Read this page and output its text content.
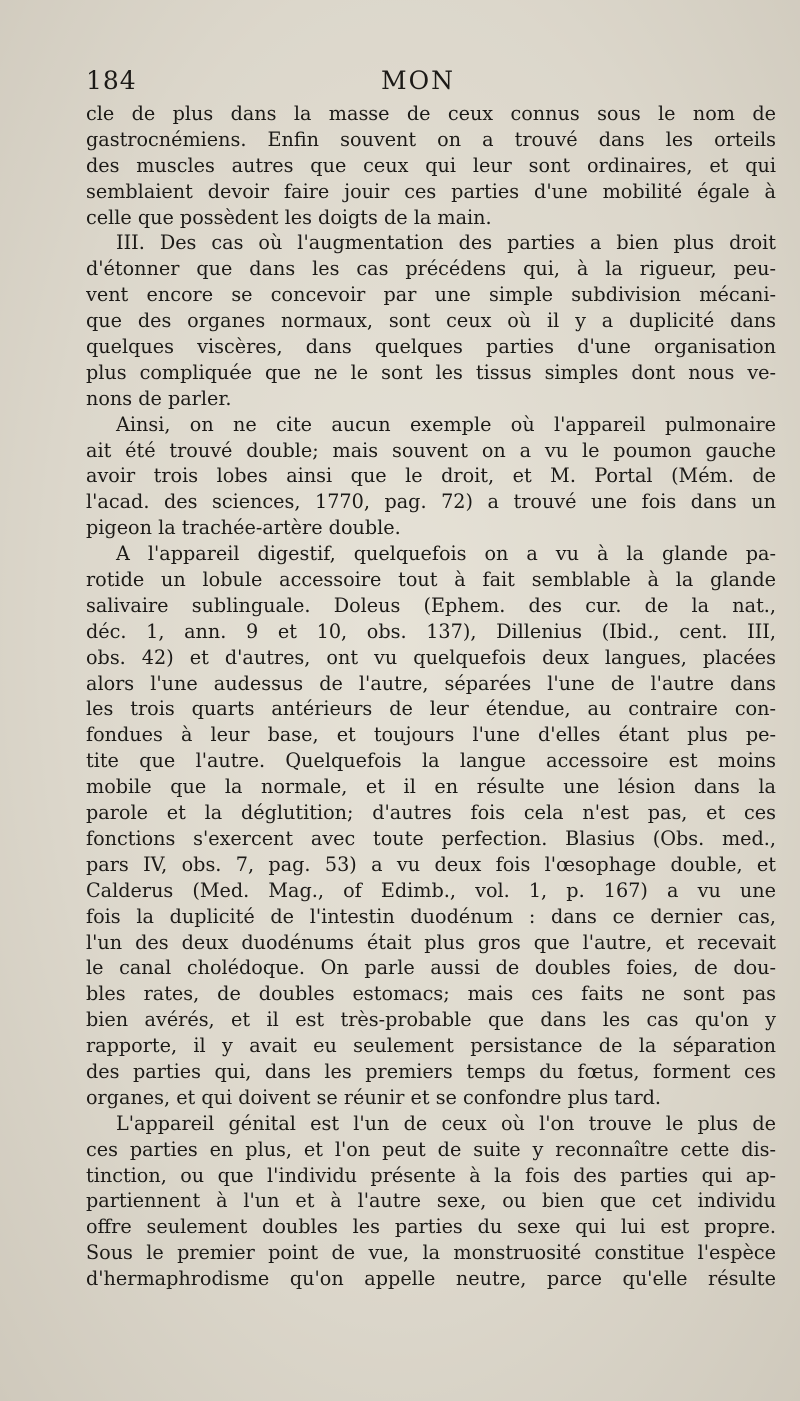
184	MON
cle de plus dans la masse de ceux connus sous le nom de
gastrocnémiens. Enfin souvent on a trouvé dans les orteils
des muscles autres que ceux qui leur sont ordinaires, et qui
semblaient devoir faire jouir ces parties d'une mobilité égale à
celle que possèdent les doigts de la main.
III. Des cas où l'augmentation des parties a bien plus droit
d'étonner que dans les cas précédens qui, à la rigueur, peu-
vent encore se concevoir par une simple subdivision mécani-
que des organes normaux, sont ceux où il y a duplicité dans
quelques viscères, dans quelques parties d'une organisation
plus compliquée que ne le sont les tissus simples dont nous ve-
nons de parler.
Ainsi, on ne cite aucun exemple où l'appareil pulmonaire
ait été trouvé double; mais souvent on a vu le poumon gauche
avoir trois lobes ainsi que le droit, et M. Portal (Mém. de
l'acad. des sciences, 1770, pag. 72) a trouvé une fois dans un
pigeon la trachée-artère double.
A l'appareil digestif, quelquefois on a vu à la glande pa-
rotide un lobule accessoire tout à fait semblable à la glande
salivaire sublinguale. Doleus (Ephem. des cur. de la nat.,
déc. 1, ann. 9 et 10, obs. 137), Dillenius (Ibid., cent. III,
obs. 42) et d'autres, ont vu quelquefois deux langues, placées
alors l'une audessus de l'autre, séparées l'une de l'autre dans
les trois quarts antérieurs de leur étendue, au contraire con-
fondues à leur base, et toujours l'une d'elles étant plus pe-
tite que l'autre. Quelquefois la langue accessoire est moins
mobile que la normale, et il en résulte une lésion dans la
parole et la déglutition; d'autres fois cela n'est pas, et ces
fonctions s'exercent avec toute perfection. Blasius (Obs. med.,
pars IV, obs. 7, pag. 53) a vu deux fois l'œsophage double, et
Calderus (Med. Mag., of Edimb., vol. 1, p. 167) a vu une
fois la duplicité de l'intestin duodénum : dans ce dernier cas,
l'un des deux duodénums était plus gros que l'autre, et recevait
le canal cholédoque. On parle aussi de doubles foies, de dou-
bles rates, de doubles estomacs; mais ces faits ne sont pas
bien avérés, et il est très-probable que dans les cas qu'on y
rapporte, il y avait eu seulement persistance de la séparation
des parties qui, dans les premiers temps du fœtus, forment ces
organes, et qui doivent se réunir et se confondre plus tard.
L'appareil génital est l'un de ceux où l'on trouve le plus de
ces parties en plus, et l'on peut de suite y reconnaître cette dis-
tinction, ou que l'individu présente à la fois des parties qui ap-
partiennent à l'un et à l'autre sexe, ou bien que cet individu
offre seulement doubles les parties du sexe qui lui est propre.
Sous le premier point de vue, la monstruosité constitue l'espèce
d'hermaphrodisme qu'on appelle neutre, parce qu'elle résulte
